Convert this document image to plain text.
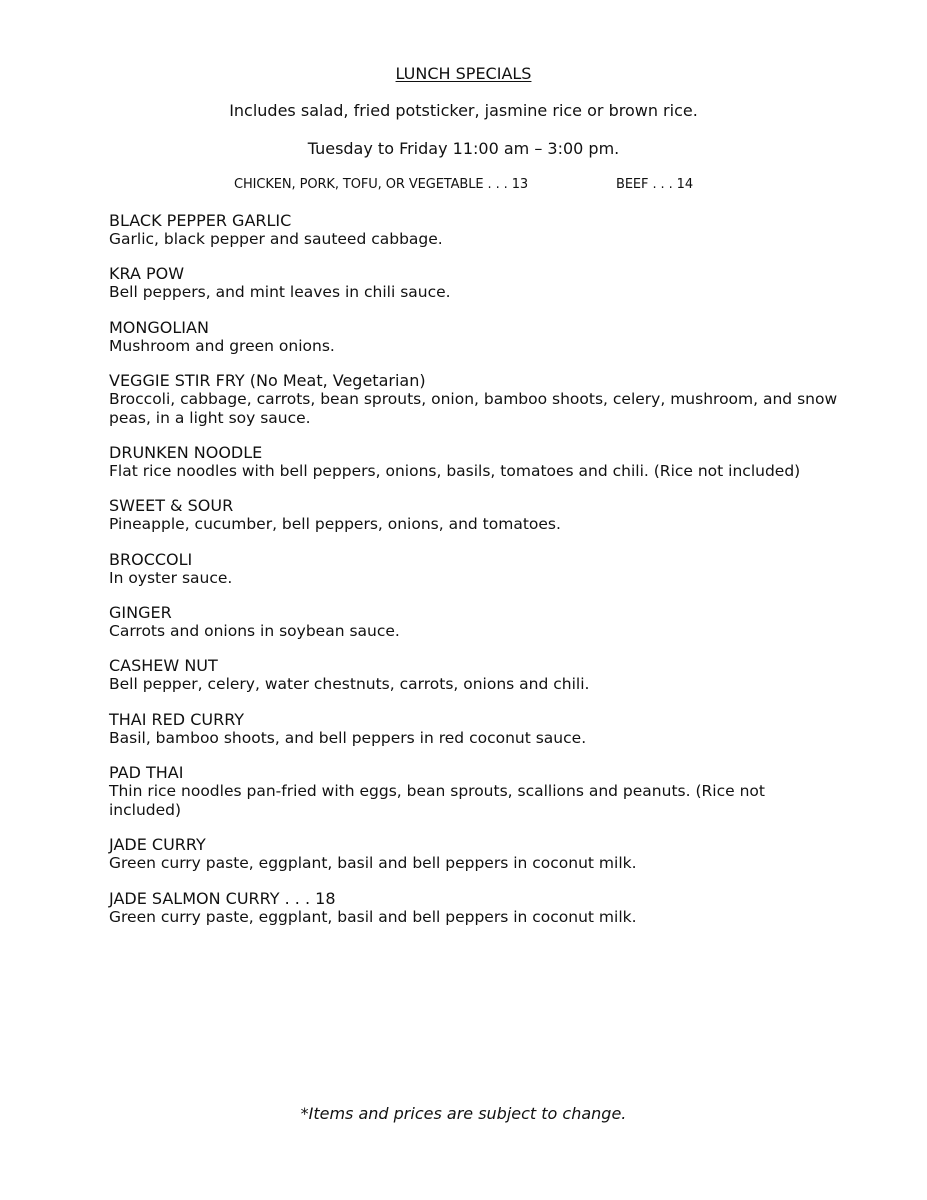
LUNCH SPECIALS
Includes salad, fried potsticker, jasmine rice or brown rice.
Tuesday to Friday 11:00 am – 3:00 pm.
CHICKEN, PORK, TOFU, OR VEGETABLE . . . 13	BEEF . . . 14
BLACK PEPPER GARLIC
Garlic, black pepper and sauteed cabbage.
KRA POW
Bell peppers, and mint leaves in chili sauce.
MONGOLIAN
Mushroom and green onions.
VEGGIE STIR FRY (No Meat, Vegetarian)
Broccoli, cabbage, carrots, bean sprouts, onion, bamboo shoots, celery, mushroom, and snow peas, in a light soy sauce.
DRUNKEN NOODLE
Flat rice noodles with bell peppers, onions, basils, tomatoes and chili. (Rice not included)
SWEET & SOUR
Pineapple, cucumber, bell peppers, onions, and tomatoes.
BROCCOLI
In oyster sauce.
GINGER
Carrots and onions in soybean sauce.
CASHEW NUT
Bell pepper, celery, water chestnuts, carrots, onions and chili.
THAI RED CURRY
Basil, bamboo shoots, and bell peppers in red coconut sauce.
PAD THAI
Thin rice noodles pan-fried with eggs, bean sprouts, scallions and peanuts. (Rice not included)
JADE CURRY
Green curry paste, eggplant, basil and bell peppers in coconut milk.
JADE SALMON CURRY . . . 18
Green curry paste, eggplant, basil and bell peppers in coconut milk.
*Items and prices are subject to change.
